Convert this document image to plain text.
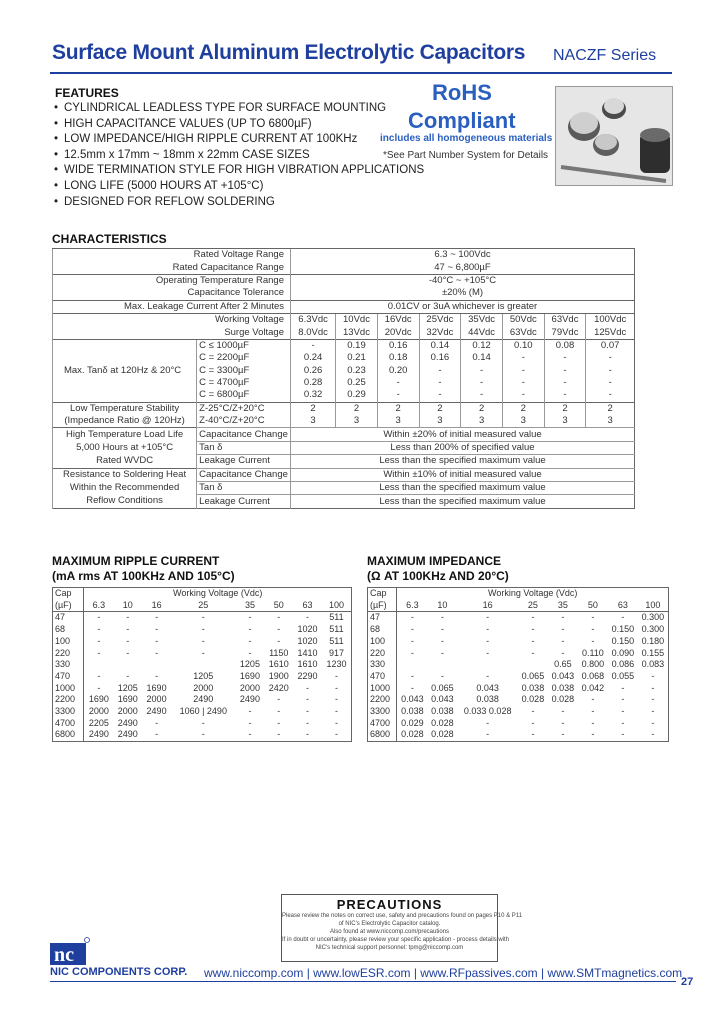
Surface Mount Aluminum Electrolytic Capacitors NACZF Series
FEATURES
• CYLINDRICAL LEADLESS TYPE FOR SURFACE MOUNTING
• HIGH CAPACITANCE VALUES (UP TO 6800µF)
• LOW IMPEDANCE/HIGH RIPPLE CURRENT AT 100KHz
• 12.5mm x 17mm ~ 18mm x 22mm CASE SIZES
• WIDE TERMINATION STYLE FOR HIGH VIBRATION APPLICATIONS
• LONG LIFE (5000 HOURS AT +105°C)
• DESIGNED FOR REFLOW SOLDERING
RoHS
Compliant
includes all homogeneous materials
*See Part Number System for Details
CHARACTERISTICS
Rated Voltage Range		6.3 ~ 100Vdc							
Rated Capacitance Range		47 ~ 6,800µF							
Operating Temperature Range		-40°C ~ +105°C							
Capacitance Tolerance		±20% (M)							
Max. Leakage Current After 2 Minutes		0.01CV or 3uA whichever is greater							
Working Voltage		6.3Vdc	10Vdc	16Vdc	25Vdc	35Vdc	50Vdc	63Vdc	100Vdc
Surge Voltage		8.0Vdc	13Vdc	20Vdc	32Vdc	44Vdc	63Vdc	79Vdc	125Vdc
Max. Tanδ at 120Hz & 20°C	C ≤ 1000µF	-	0.19	0.16	0.14	0.12	0.10	0.08	0.07
	C = 2200µF	0.24	0.21	0.18	0.16	0.14	-	-	-
	C = 3300µF	0.26	0.23	0.20	-	-	-	-	-
	C = 4700µF	0.28	0.25	-	-	-	-	-	-
	C = 6800µF	0.32	0.29	-	-	-	-	-	-
Low Temperature Stability	Z-25°C/Z+20°C	2	2	2	2	2	2	2	2
(Impedance Ratio @ 120Hz)	Z-40°C/Z+20°C	3	3	3	3	3	3	3	3
High Temperature Load Life	Capacitance Change	Within ±20% of initial measured value							
5,000 Hours at +105°C	Tan δ	Less than 200% of specified value							
Rated WVDC	Leakage Current	Less than the specified maximum value							
Resistance to Soldering Heat	Capacitance Change	Within ±10% of initial measured value							
Within the Recommended	Tan δ	Less than the specified maximum value							
Reflow Conditions	Leakage Current	Less than the specified maximum value							
MAXIMUM RIPPLE CURRENT
(mA rms AT 100KHz AND 105°C)
Cap	Working Voltage (Vdc)							
(µF)	6.3	10	16	25	35	50	63	100
47	-	-	-	-	-	-	-	511
68	-	-	-	-	-	-	1020	511
100	-	-	-	-	-	-	1020	511
220	-	-	-	-	-	1150	1410	917
330					1205	1610	1610	1230
470	-	-	-	1205	1690	1900	2290	-
1000	-	1205	1690	2000	2000	2420	-	-
2200	1690	1690	2000	2490	2490	-	-	-
3300	2000	2000	2490	1060 | 2490	-	-	-	-
4700	2205	2490	-	-	-	-	-	-
6800	2490	2490	-	-	-	-	-	-
MAXIMUM IMPEDANCE
(Ω AT 100KHz AND 20°C)
Cap	Working Voltage (Vdc)							
(µF)	6.3	10	16	25	35	50	63	100
47	-	-	-	-	-	-	-	0.300
68	-	-	-	-	-	-	0.150	0.300
100	-	-	-	-	-	-	0.150	0.180
220	-	-	-	-	-	0.110	0.090	0.155
330					0.65	0.800	0.086	0.083
470	-	-	-	0.065	0.043	0.068	0.055	-
1000	-	0.065	0.043	0.038	0.038	0.042	-	-
2200	0.043	0.043	0.038	0.028	0.028	-	-	-
3300	0.038	0.038	0.033 0.028	-	-	-	-	-
4700	0.029	0.028	-	-	-	-	-	-
6800	0.028	0.028	-	-	-	-	-	-
PRECAUTIONS
Please review the notes on correct use, safety and precautions found on pages P10 & P11
of NIC's Electrolytic Capacitor catalog.
Also found at www.niccomp.com/precautions
If in doubt or uncertainty, please review your specific application - process details with
NIC's technical support personnel: tpmg@niccomp.com
nc
NIC COMPONENTS CORP. www.niccomp.com | www.lowESR.com | www.RFpassives.com | www.SMTmagnetics.com
27
